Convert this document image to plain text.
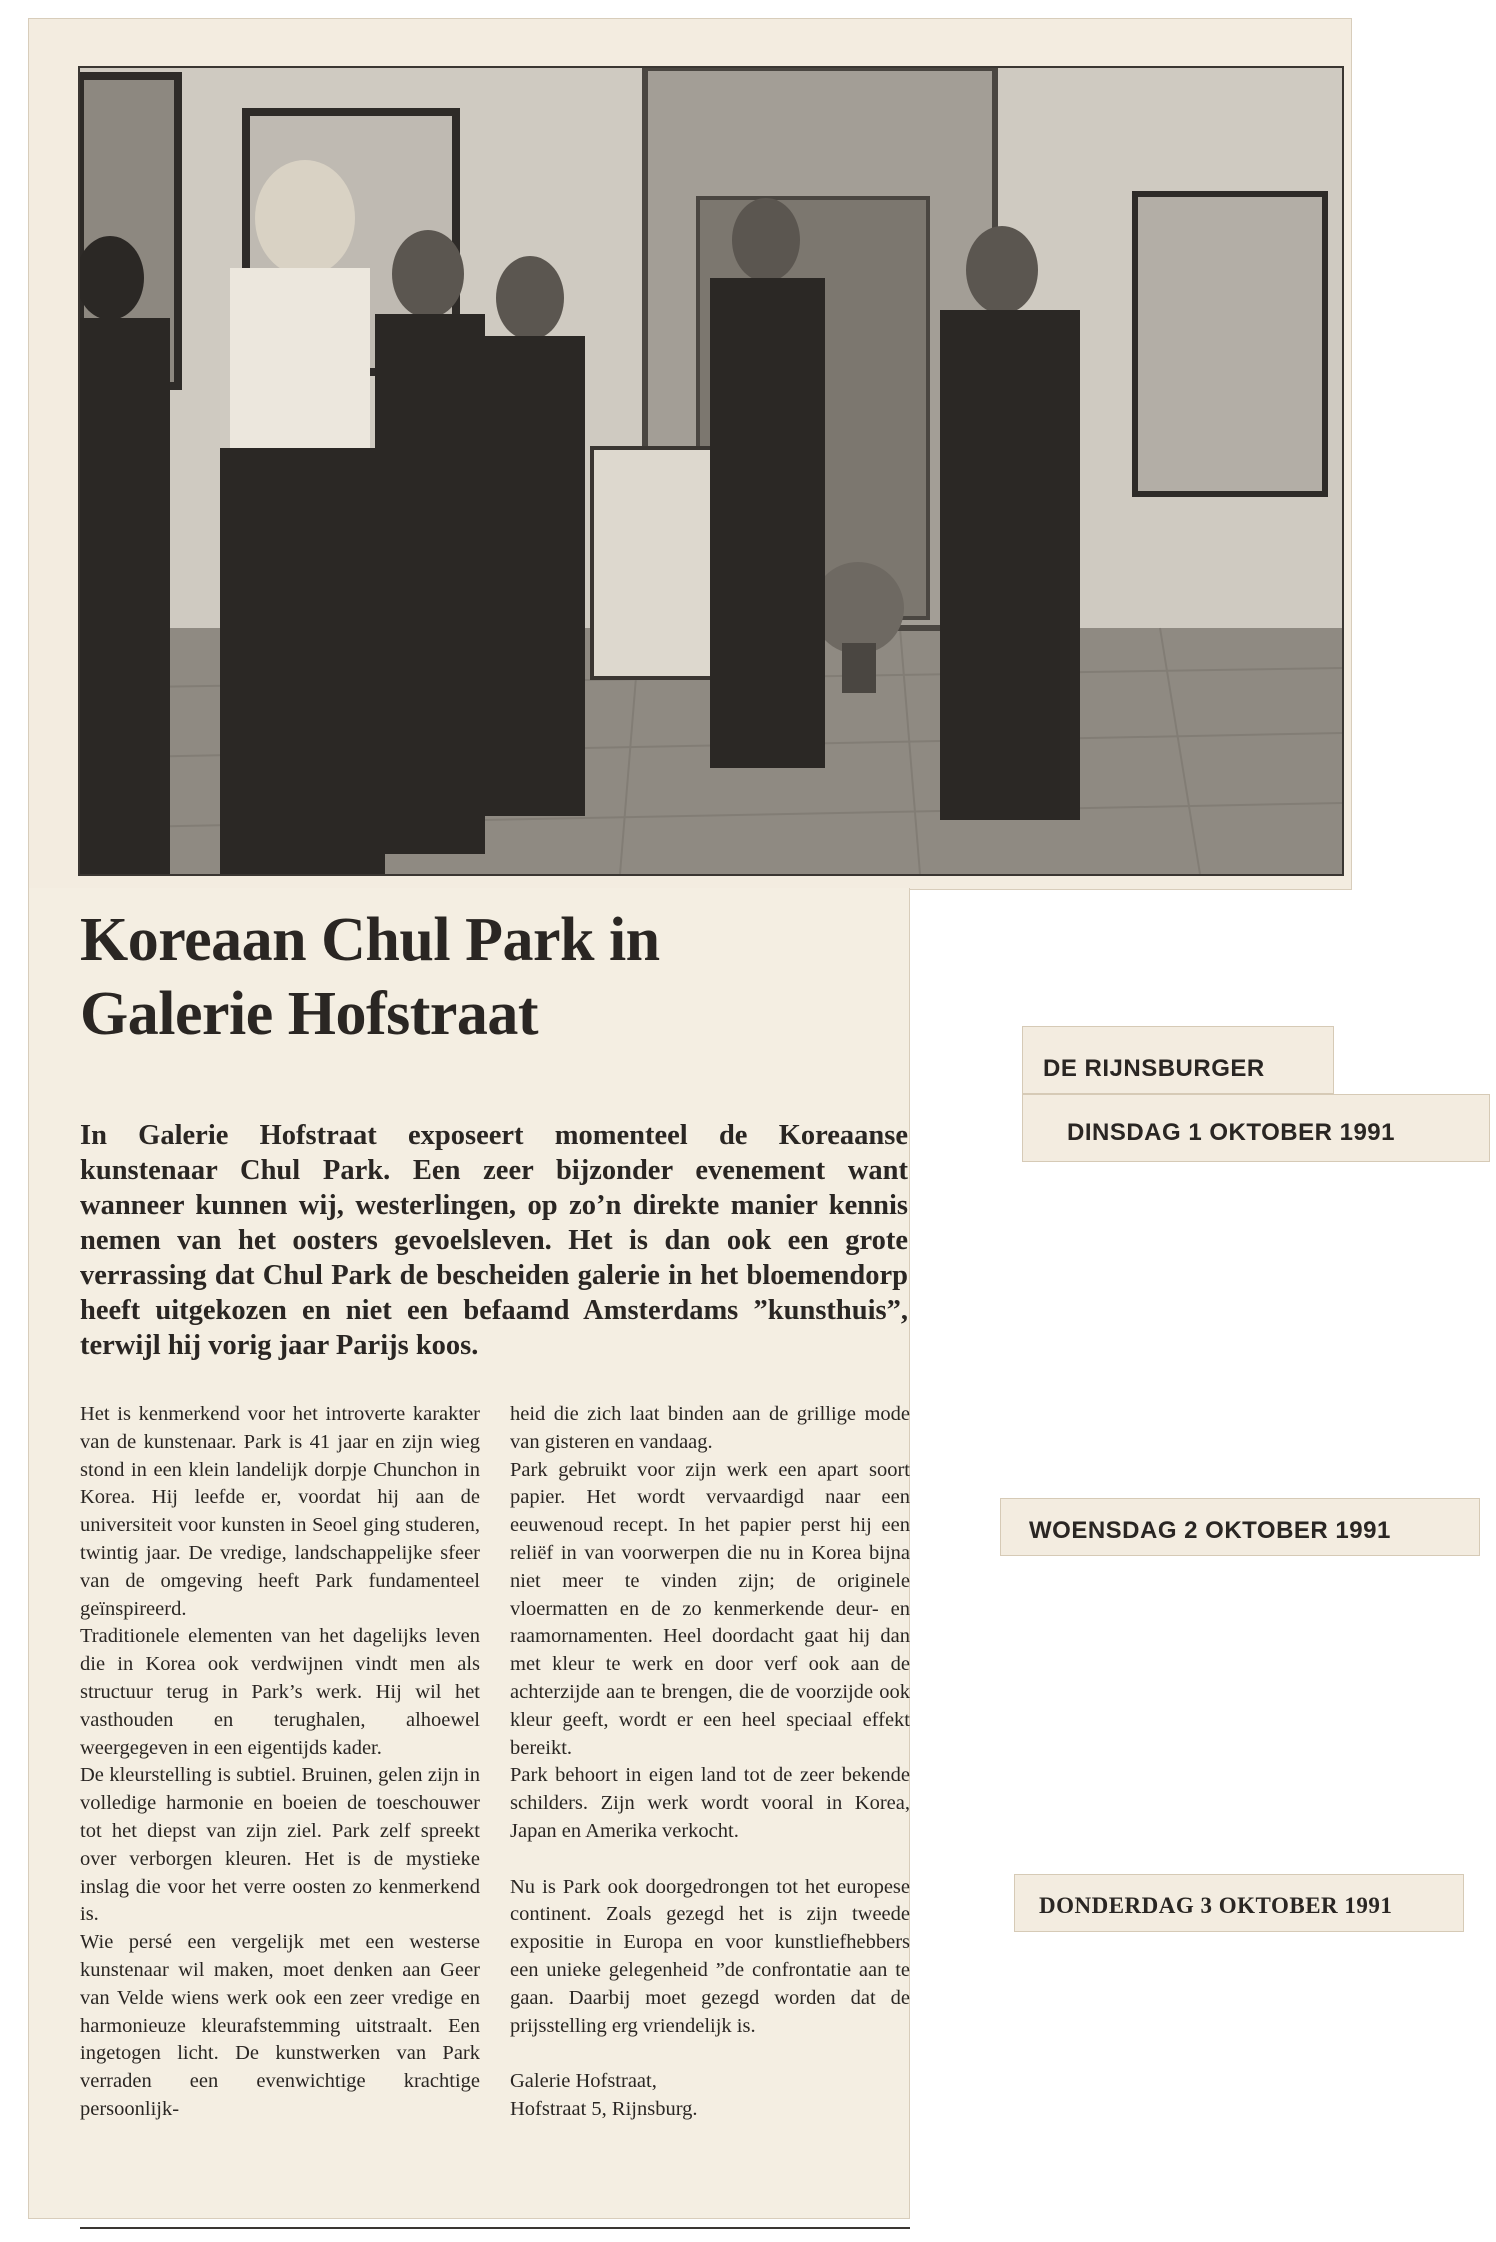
Koreaan Chul Park in
Galerie Hofstraat

In Galerie Hofstraat exposeert momenteel de Koreaanse kunstenaar Chul Park. Een zeer bijzonder evenement want wanneer kunnen wij, westerlingen, op zo’n direkte manier kennis nemen van het oosters gevoelsleven. Het is dan ook een grote verrassing dat Chul Park de bescheiden galerie in het bloemendorp heeft uitgekozen en niet een befaamd Amsterdams ”kunsthuis”, terwijl hij vorig jaar Parijs koos.

Het is kenmerkend voor het introverte karakter van de kunstenaar. Park is 41 jaar en zijn wieg stond in een klein landelijk dorpje Chunchon in Korea. Hij leefde er, voordat hij aan de universiteit voor kunsten in Seoel ging studeren, twintig jaar. De vredige, landschappelijke sfeer van de omgeving heeft Park fundamenteel geïnspireerd.

Traditionele elementen van het dagelijks leven die in Korea ook verdwijnen vindt men als structuur terug in Park’s werk. Hij wil het vasthouden en terughalen, alhoewel weergegeven in een eigentijds kader.

De kleurstelling is subtiel. Bruinen, gelen zijn in volledige harmonie en boeien de toeschouwer tot het diepst van zijn ziel. Park zelf spreekt over verborgen kleuren. Het is de mystieke inslag die voor het verre oosten zo kenmerkend is.

Wie persé een vergelijk met een westerse kunstenaar wil maken, moet denken aan Geer van Velde wiens werk ook een zeer vredige en harmonieuze kleurafstemming uitstraalt. Een ingetogen licht. De kunstwerken van Park verraden een evenwichtige krachtige persoonlijk-

heid die zich laat binden aan de grillige mode van gisteren en vandaag.

Park gebruikt voor zijn werk een apart soort papier. Het wordt vervaardigd naar een eeuwenoud recept. In het papier perst hij een reliëf in van voorwerpen die nu in Korea bijna niet meer te vinden zijn; de originele vloermatten en de zo kenmerkende deur- en raamornamenten. Heel doordacht gaat hij dan met kleur te werk en door verf ook aan de achterzijde aan te brengen, die de voorzijde ook kleur geeft, wordt er een heel speciaal effekt bereikt.

Park behoort in eigen land tot de zeer bekende schilders. Zijn werk wordt vooral in Korea, Japan en Amerika verkocht.

Nu is Park ook doorgedrongen tot het europese continent. Zoals gezegd het is zijn tweede expositie in Europa en voor kunstliefhebbers een unieke gelegenheid ”de confrontatie aan te gaan. Daarbij moet gezegd worden dat de prijsstelling erg vriendelijk is.

Galerie Hofstraat,
Hofstraat 5, Rijnsburg.

DE RIJNSBURGER
DINSDAG 1 OKTOBER 1991
WOENSDAG 2 OKTOBER 1991
DONDERDAG 3 OKTOBER 1991
